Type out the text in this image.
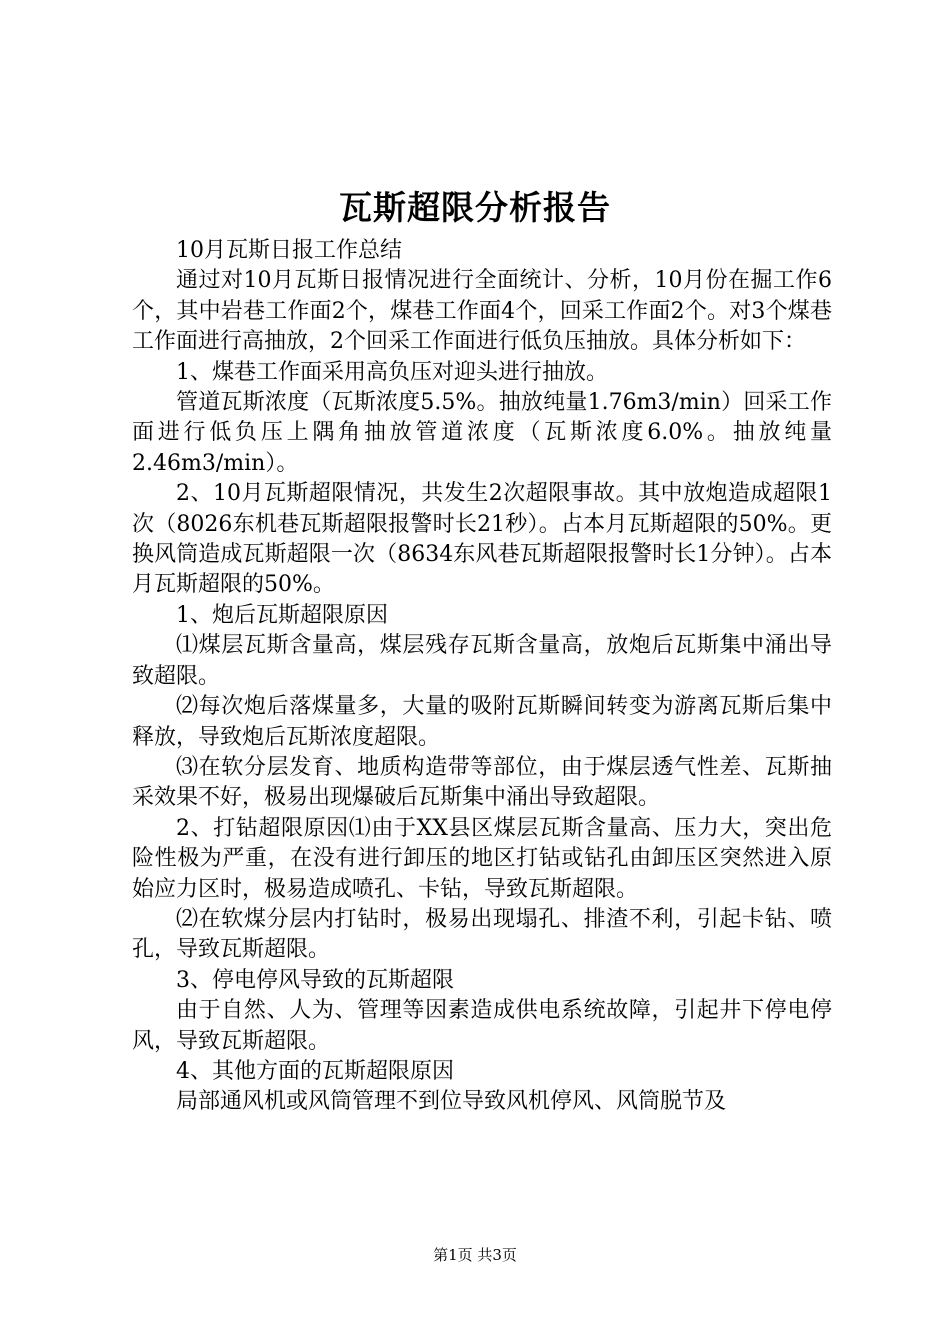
瓦斯超限分析报告

10月瓦斯日报工作总结

通过对10月瓦斯日报情况进行全面统计、分析，10月份在掘工作6个，其中岩巷工作面2个，煤巷工作面4个，回采工作面2个。对3个煤巷工作面进行高抽放，2个回采工作面进行低负压抽放。具体分析如下：

1、煤巷工作面采用高负压对迎头进行抽放。

管道瓦斯浓度（瓦斯浓度5.5%。抽放纯量1.76m3/min）回采工作面进行低负压上隅角抽放管道浓度（瓦斯浓度6.0%。抽放纯量2.46m3/min）。

2、10月瓦斯超限情况，共发生2次超限事故。其中放炮造成超限1次（8026东机巷瓦斯超限报警时长21秒）。占本月瓦斯超限的50%。更换风筒造成瓦斯超限一次（8634东风巷瓦斯超限报警时长1分钟）。占本月瓦斯超限的50%。

1、炮后瓦斯超限原因

⑴煤层瓦斯含量高，煤层残存瓦斯含量高，放炮后瓦斯集中涌出导致超限。

⑵每次炮后落煤量多，大量的吸附瓦斯瞬间转变为游离瓦斯后集中释放，导致炮后瓦斯浓度超限。

⑶在软分层发育、地质构造带等部位，由于煤层透气性差、瓦斯抽采效果不好，极易出现爆破后瓦斯集中涌出导致超限。

2、打钻超限原因⑴由于XX县区煤层瓦斯含量高、压力大，突出危险性极为严重，在没有进行卸压的地区打钻或钻孔由卸压区突然进入原始应力区时，极易造成喷孔、卡钻，导致瓦斯超限。

⑵在软煤分层内打钻时，极易出现塌孔、排渣不利，引起卡钻、喷孔，导致瓦斯超限。

3、停电停风导致的瓦斯超限

由于自然、人为、管理等因素造成供电系统故障，引起井下停电停风，导致瓦斯超限。

4、其他方面的瓦斯超限原因

局部通风机或风筒管理不到位导致风机停风、风筒脱节及

第1页 共3页
